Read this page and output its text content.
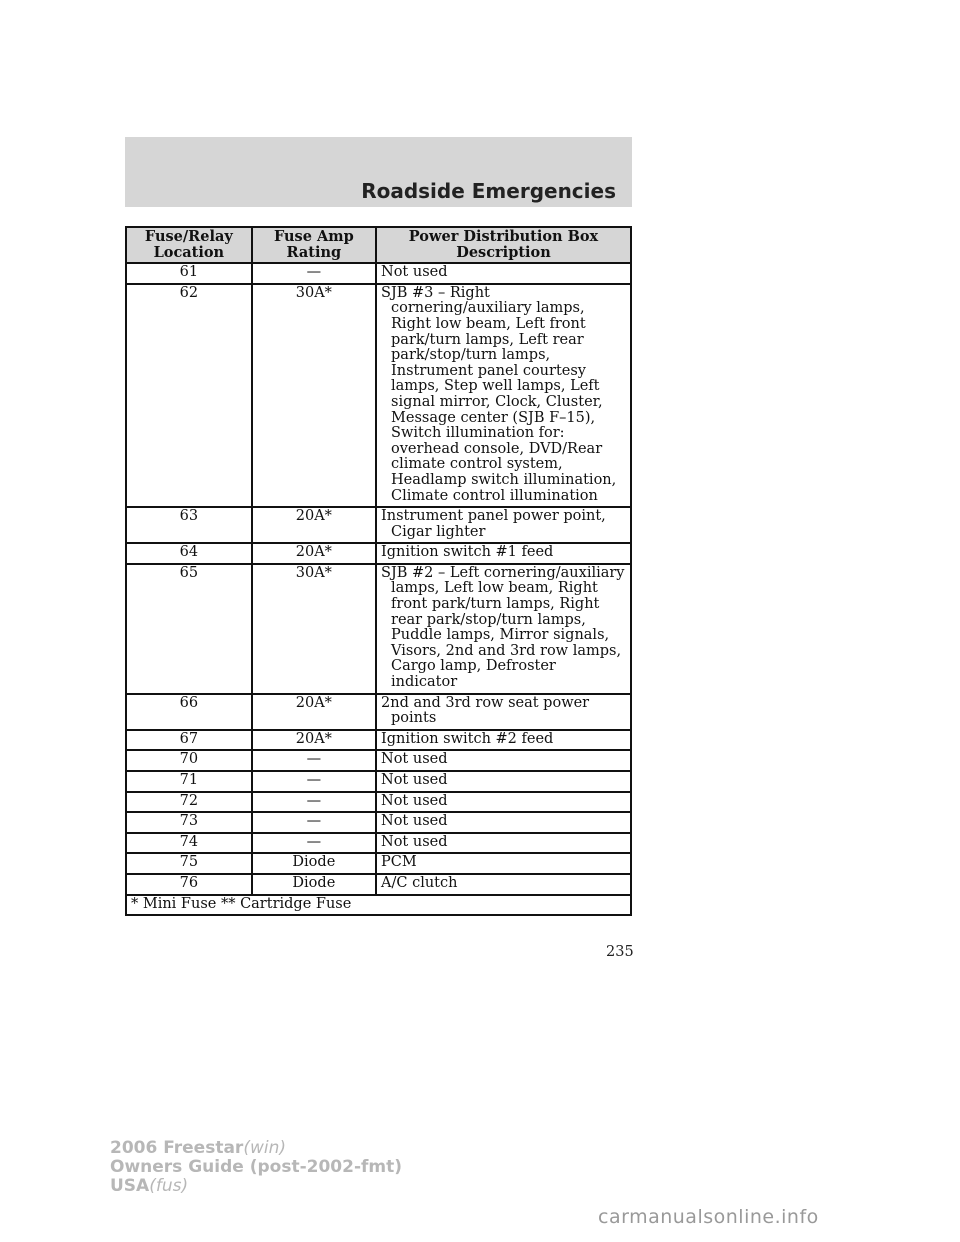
Roadside Emergencies
Fuse/Relay Location	Fuse Amp Rating	Power Distribution Box Description
61	—	Not used
62	30A*	SJB #3 – Right cornering/auxiliary lamps, Right low beam, Left front park/turn lamps, Left rear park/stop/turn lamps, Instrument panel courtesy lamps, Step well lamps, Left signal mirror, Clock, Cluster, Message center (SJB F–15), Switch illumination for: overhead console, DVD/Rear climate control system, Headlamp switch illumination, Climate control illumination
63	20A*	Instrument panel power point, Cigar lighter
64	20A*	Ignition switch #1 feed
65	30A*	SJB #2 – Left cornering/auxiliary lamps, Left low beam, Right front park/turn lamps, Right rear park/stop/turn lamps, Puddle lamps, Mirror signals, Visors, 2nd and 3rd row lamps, Cargo lamp, Defroster indicator
66	20A*	2nd and 3rd row seat power points
67	20A*	Ignition switch #2 feed
70	—	Not used
71	—	Not used
72	—	Not used
73	—	Not used
74	—	Not used
75	Diode	PCM
76	Diode	A/C clutch
* Mini Fuse ** Cartridge Fuse		
235
2006 Freestar(win)
Owners Guide (post-2002-fmt)
USA(fus)
carmanualsonline.info
